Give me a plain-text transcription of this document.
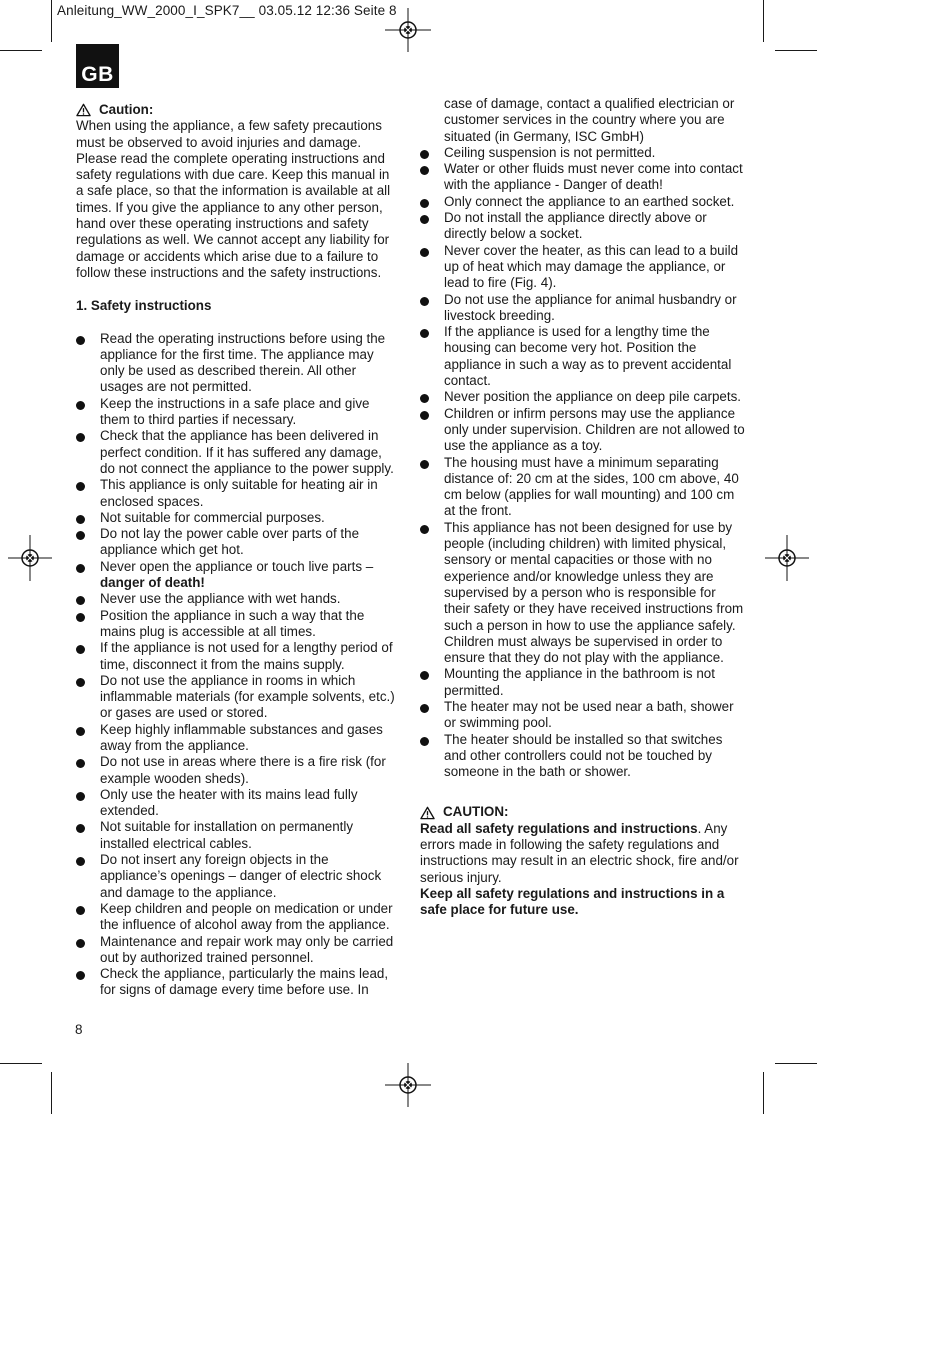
Anleitung_WW_2000_I_SPK7__ 03.05.12 12:36 Seite 8
GB
Caution:

When using the appliance, a few safety precautions must be observed to avoid injuries and damage. Please read the complete operating instructions and safety regulations with due care. Keep this manual in a safe place, so that the information is available at all times. If you give the appliance to any other person, hand over these operating instructions and safety regulations as well. We cannot accept any liability for damage or accidents which arise due to a failure to follow these instructions and the safety instructions.

1. Safety instructions
Read the operating instructions before using the appliance for the first time. The appliance may only be used as described therein. All other usages are not permitted.
Keep the instructions in a safe place and give them to third parties if necessary.
Check that the appliance has been delivered in perfect condition. If it has suffered any damage, do not connect the appliance to the power supply.
This appliance is only suitable for heating air in enclosed spaces.
Not suitable for commercial purposes.
Do not lay the power cable over parts of the appliance which get hot.
Never open the appliance or touch live parts – danger of death!
Never use the appliance with wet hands.
Position the appliance in such a way that the mains plug is accessible at all times.
If the appliance is not used for a lengthy period of time, disconnect it from the mains supply.
Do not use the appliance in rooms in which inflammable materials (for example solvents, etc.) or gases are used or stored.
Keep highly inflammable substances and gases away from the appliance.
Do not use in areas where there is a fire risk (for example wooden sheds).
Only use the heater with its mains lead fully extended.
Not suitable for installation on permanently installed electrical cables.
Do not insert any foreign objects in the appliance’s openings – danger of electric shock and damage to the appliance.
Keep children and people on medication or under the influence of alcohol away from the appliance.
Maintenance and repair work may only be carried out by authorized trained personnel.
Check the appliance, particularly the mains lead, for signs of damage every time before use. In

case of damage, contact a qualified electrician or customer services in the country where you are situated (in Germany, ISC GmbH)

Ceiling suspension is not permitted.
Water or other fluids must never come into contact with the appliance - Danger of death!
Only connect the appliance to an earthed socket.
Do not install the appliance directly above or directly below a socket.
Never cover the heater, as this can lead to a build up of heat which may damage the appliance, or lead to fire (Fig. 4).
Do not use the appliance for animal husbandry or livestock breeding.
If the appliance is used for a lengthy time the housing can become very hot. Position the appliance in such a way as to prevent accidental contact.
Never position the appliance on deep pile carpets.
Children or infirm persons may use the appliance only under supervision. Children are not allowed to use the appliance as a toy.
The housing must have a minimum separating distance of: 20 cm at the sides, 100 cm above, 40 cm below (applies for wall mounting) and 100 cm at the front.
This appliance has not been designed for use by people (including children) with limited physical, sensory or mental capacities or those with no experience and/or knowledge unless they are supervised by a person who is responsible for their safety or they have received instructions from such a person in how to use the appliance safely. Children must always be supervised in order to ensure that they do not play with the appliance.
Mounting the appliance in the bathroom is not permitted.
The heater may not be used near a bath, shower or swimming pool.
The heater should be installed so that switches and other controllers could not be touched by someone in the bath or shower.
CAUTION:

Read all safety regulations and instructions. Any errors made in following the safety regulations and instructions may result in an electric shock, fire and/or serious injury.

Keep all safety regulations and instructions in a safe place for future use.

8
